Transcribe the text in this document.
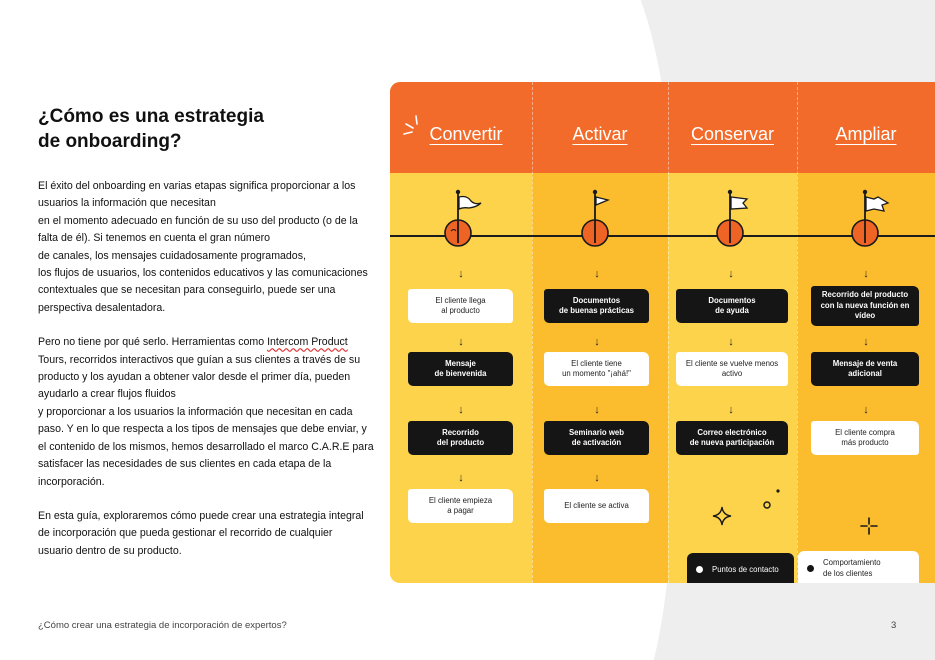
¿Cómo es una estrategia
de onboarding?

El éxito del onboarding en varias etapas significa proporcionar a los
usuarios la información que necesitan
en el momento adecuado en función de su uso del producto (o de la
falta de él). Si tenemos en cuenta el gran número
de canales, los mensajes cuidadosamente programados,
los flujos de usuarios, los contenidos educativos y las comunicaciones
contextuales que se necesitan para conseguirlo, puede ser una
perspectiva desalentadora.

Pero no tiene por qué serlo. Herramientas como Intercom Product
Tours, recorridos interactivos que guían a sus clientes a través de su
producto y los ayudan a obtener valor desde el primer día, pueden
ayudarlo a crear flujos fluidos
y proporcionar a los usuarios la información que necesitan en cada
paso. Y en lo que respecta a los tipos de mensajes que debe enviar, y
el contenido de los mismos, hemos desarrollado el marco C.A.R.E para
satisfacer las necesidades de sus clientes en cada etapa de la
incorporación.

En esta guía, exploraremos cómo puede crear una estrategia integral
de incorporación que pueda gestionar el recorrido de cualquier
usuario dentro de su producto.

Convertir	Activar	Conservar	Ampliar
↓
↓
↓
↓
↓
↓
↓
↓
↓
↓
↓
↓
↓
↓
El cliente llega
al producto
Mensaje
de bienvenida
Recorrido
del producto
El cliente empieza
a pagar
Documentos
de buenas prácticas
El cliente tiene
un momento "¡ahá!"
Seminario web
de activación
El cliente se activa
Documentos
de ayuda
El cliente se vuelve menos
activo
Correo electrónico
de nueva participación
Recorrido del producto
con la nueva función en
vídeo
Mensaje de venta
adicional
El cliente compra
más producto
Puntos de contacto
Comportamiento
de los clientes
¿Cómo crear una estrategia de incorporación de expertos?	3
